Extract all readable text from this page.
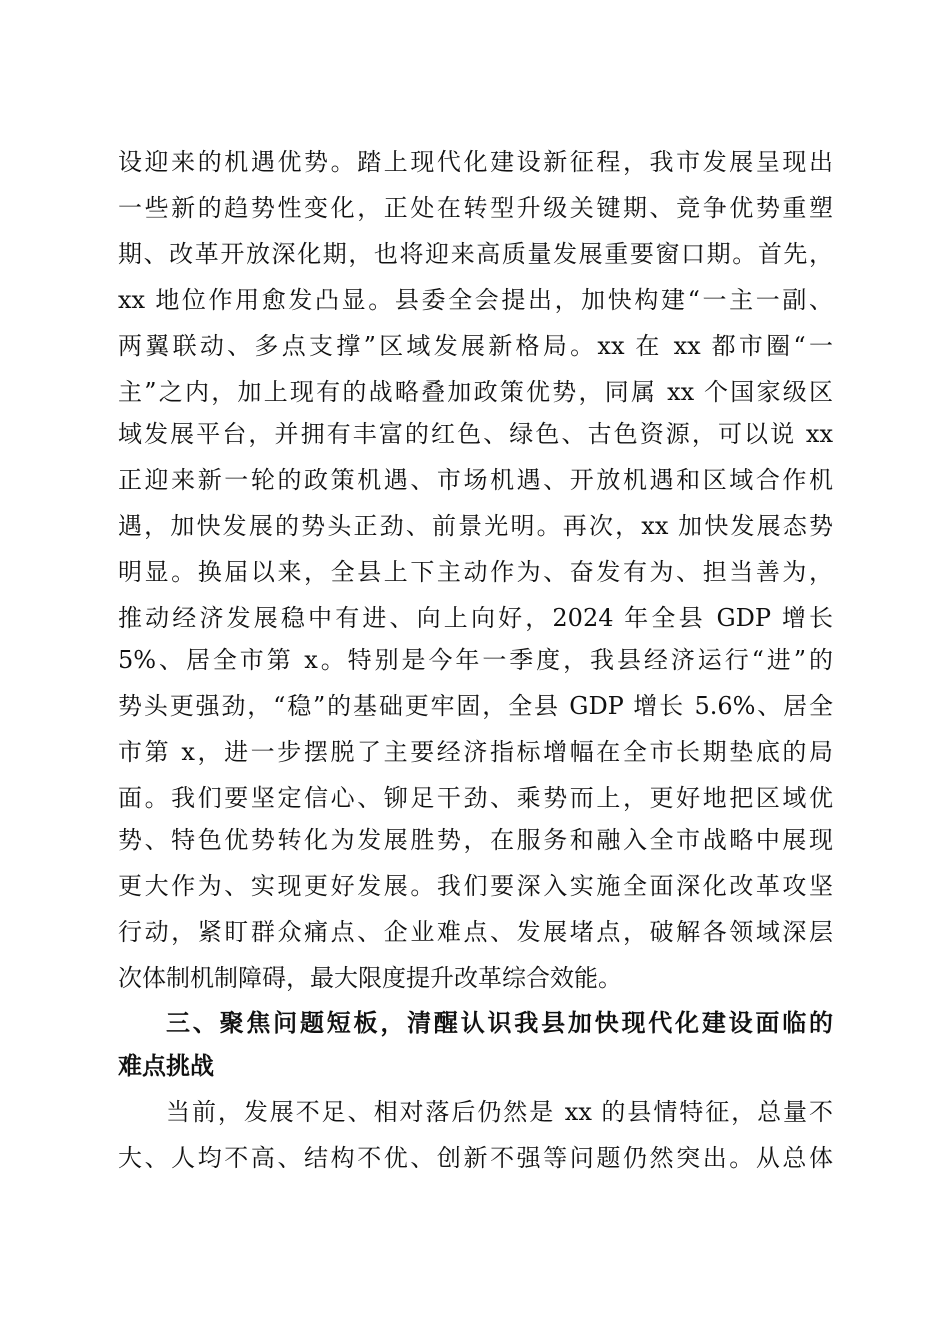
设迎来的机遇优势。踏上现代化建设新征程，我市发展呈现出
一些新的趋势性变化，正处在转型升级关键期、竞争优势重塑
期、改革开放深化期，也将迎来高质量发展重要窗口期。首先，
xx 地位作用愈发凸显。县委全会提出，加快构建“一主一副、
两翼联动、多点支撑”区域发展新格局。xx 在 xx 都市圈“一
主”之内，加上现有的战略叠加政策优势，同属 xx 个国家级区
域发展平台，并拥有丰富的红色、绿色、古色资源，可以说 xx
正迎来新一轮的政策机遇、市场机遇、开放机遇和区域合作机
遇，加快发展的势头正劲、前景光明。再次，xx 加快发展态势
明显。换届以来，全县上下主动作为、奋发有为、担当善为，
推动经济发展稳中有进、向上向好，2024 年全县 GDP 增长
5%、居全市第 x。特别是今年一季度，我县经济运行“进”的
势头更强劲，“稳”的基础更牢固，全县 GDP 增长 5.6%、居全
市第 x，进一步摆脱了主要经济指标增幅在全市长期垫底的局
面。我们要坚定信心、铆足干劲、乘势而上，更好地把区域优
势、特色优势转化为发展胜势，在服务和融入全市战略中展现
更大作为、实现更好发展。我们要深入实施全面深化改革攻坚
行动，紧盯群众痛点、企业难点、发展堵点，破解各领域深层
次体制机制障碍，最大限度提升改革综合效能。
三、聚焦问题短板，清醒认识我县加快现代化建设面临的
难点挑战
当前，发展不足、相对落后仍然是 xx 的县情特征，总量不
大、人均不高、结构不优、创新不强等问题仍然突出。从总体
